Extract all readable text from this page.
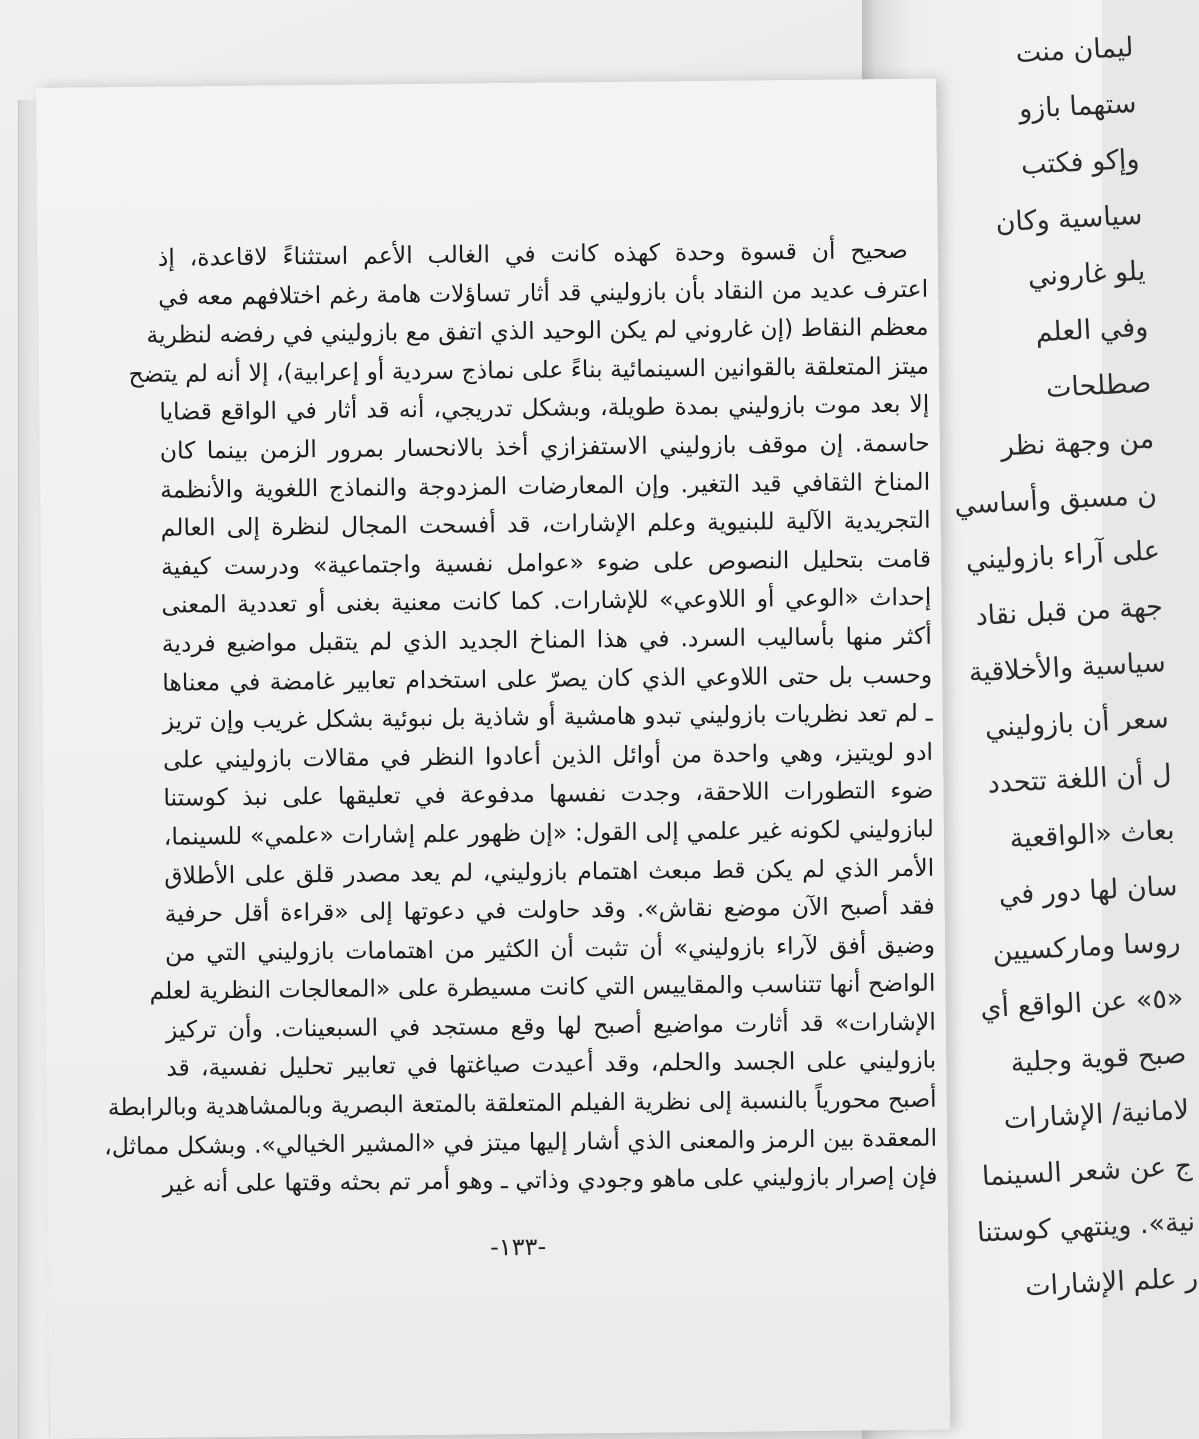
ليمان منت
ستهما بازو
وإكو فكتب
سياسية وكان
يلو غاروني
وفي العلم
صطلحات
من وجهة نظر
ن مسبق وأساسي
على آراء بازوليني
جهة من قبل نقاد
سياسية والأخلاقية
سعر أن بازوليني
ل أن اللغة تتحدد
بعاث «الواقعية
سان لها دور في
روسا وماركسيين
«٥» عن الواقع أي
صبح قوية وجلية
لامانية/ الإشارات
ج عن شعر السينما
نية». وينتهي كوستنا
ر علم الإشارات
صحيح أن قسوة وحدة كهذه كانت في الغالب الأعم استثناءً لاقاعدة، إذ
اعترف عديد من النقاد بأن بازوليني قد أثار تساؤلات هامة رغم اختلافهم معه في
معظم النقاط (إن غاروني لم يكن الوحيد الذي اتفق مع بازوليني في رفضه لنظرية
ميتز المتعلقة بالقوانين السينمائية بناءً على نماذج سردية أو إعرابية)، إلا أنه لم يتضح
إلا بعد موت بازوليني بمدة طويلة، وبشكل تدريجي، أنه قد أثار في الواقع قضايا
حاسمة. إن موقف بازوليني الاستفزازي أخذ بالانحسار بمرور الزمن بينما كان
المناخ الثقافي قيد التغير. وإن المعارضات المزدوجة والنماذج اللغوية والأنظمة
التجريدية الآلية للبنيوية وعلم الإشارات، قد أفسحت المجال لنظرة إلى العالم
قامت بتحليل النصوص على ضوء «عوامل نفسية واجتماعية» ودرست كيفية
إحداث «الوعي أو اللاوعي» للإشارات. كما كانت معنية بغنى أو تعددية المعنى
أكثر منها بأساليب السرد. في هذا المناخ الجديد الذي لم يتقبل مواضيع فردية
وحسب بل حتى اللاوعي الذي كان يصرّ على استخدام تعابير غامضة في معناها
ـ لم تعد نظريات بازوليني تبدو هامشية أو شاذية بل نبوئية بشكل غريب وإن تريز
ادو لويتيز، وهي واحدة من أوائل الذين أعادوا النظر في مقالات بازوليني على
ضوء التطورات اللاحقة، وجدت نفسها مدفوعة في تعليقها على نبذ كوستنا
لبازوليني لكونه غير علمي إلى القول: «إن ظهور علم إشارات «علمي» للسينما،
الأمر الذي لم يكن قط مبعث اهتمام بازوليني، لم يعد مصدر قلق على الأطلاق
فقد أصبح الآن موضع نقاش». وقد حاولت في دعوتها إلى «قراءة أقل حرفية
وضيق أفق لآراء بازوليني» أن تثبت أن الكثير من اهتمامات بازوليني التي من
الواضح أنها تتناسب والمقاييس التي كانت مسيطرة على «المعالجات النظرية لعلم
الإشارات» قد أثارت مواضيع أصبح لها وقع مستجد في السبعينات. وأن تركيز
بازوليني على الجسد والحلم، وقد أعيدت صياغتها في تعابير تحليل نفسية، قد
أصبح محورياً بالنسبة إلى نظرية الفيلم المتعلقة بالمتعة البصرية وبالمشاهدية وبالرابطة
المعقدة بين الرمز والمعنى الذي أشار إليها ميتز في «المشير الخيالي». وبشكل مماثل،
فإن إصرار بازوليني على ماهو وجودي وذاتي ـ وهو أمر تم بحثه وقتها على أنه غير
-١٣٣-
